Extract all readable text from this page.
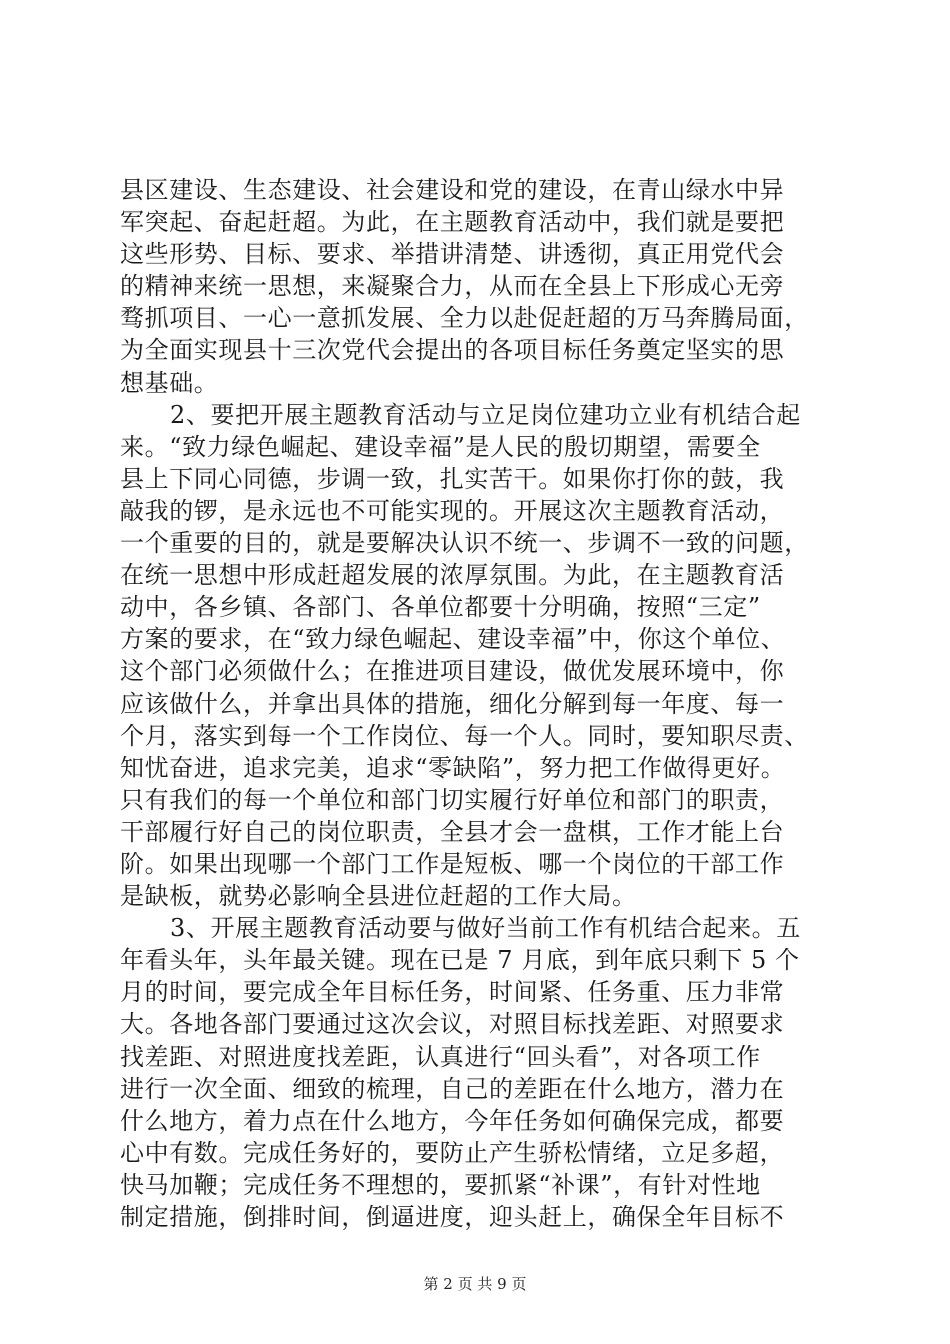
县区建设、生态建设、社会建设和党的建设，在青山绿水中异
军突起、奋起赶超。为此，在主题教育活动中，我们就是要把
这些形势、目标、要求、举措讲清楚、讲透彻，真正用党代会
的精神来统一思想，来凝聚合力，从而在全县上下形成心无旁
骛抓项目、一心一意抓发展、全力以赴促赶超的万马奔腾局面，
为全面实现县十三次党代会提出的各项目标任务奠定坚实的思
想基础。
2、要把开展主题教育活动与立足岗位建功立业有机结合起
来。“致力绿色崛起、建设幸福”是人民的殷切期望，需要全
县上下同心同德，步调一致，扎实苦干。如果你打你的鼓，我
敲我的锣，是永远也不可能实现的。开展这次主题教育活动，
一个重要的目的，就是要解决认识不统一、步调不一致的问题，
在统一思想中形成赶超发展的浓厚氛围。为此，在主题教育活
动中，各乡镇、各部门、各单位都要十分明确，按照“三定”
方案的要求，在“致力绿色崛起、建设幸福”中，你这个单位、
这个部门必须做什么；在推进项目建设，做优发展环境中，你
应该做什么，并拿出具体的措施，细化分解到每一年度、每一
个月，落实到每一个工作岗位、每一个人。同时，要知职尽责、
知忧奋进，追求完美，追求“零缺陷”，努力把工作做得更好。
只有我们的每一个单位和部门切实履行好单位和部门的职责，
干部履行好自己的岗位职责，全县才会一盘棋，工作才能上台
阶。如果出现哪一个部门工作是短板、哪一个岗位的干部工作
是缺板，就势必影响全县进位赶超的工作大局。
3、开展主题教育活动要与做好当前工作有机结合起来。五
年看头年，头年最关键。现在已是 7 月底，到年底只剩下 5 个
月的时间，要完成全年目标任务，时间紧、任务重、压力非常
大。各地各部门要通过这次会议，对照目标找差距、对照要求
找差距、对照进度找差距，认真进行“回头看”，对各项工作
进行一次全面、细致的梳理，自己的差距在什么地方，潜力在
什么地方，着力点在什么地方，今年任务如何确保完成，都要
心中有数。完成任务好的，要防止产生骄松情绪，立足多超，
快马加鞭；完成任务不理想的，要抓紧“补课”，有针对性地
制定措施，倒排时间，倒逼进度，迎头赶上，确保全年目标不
第 2 页 共 9 页
